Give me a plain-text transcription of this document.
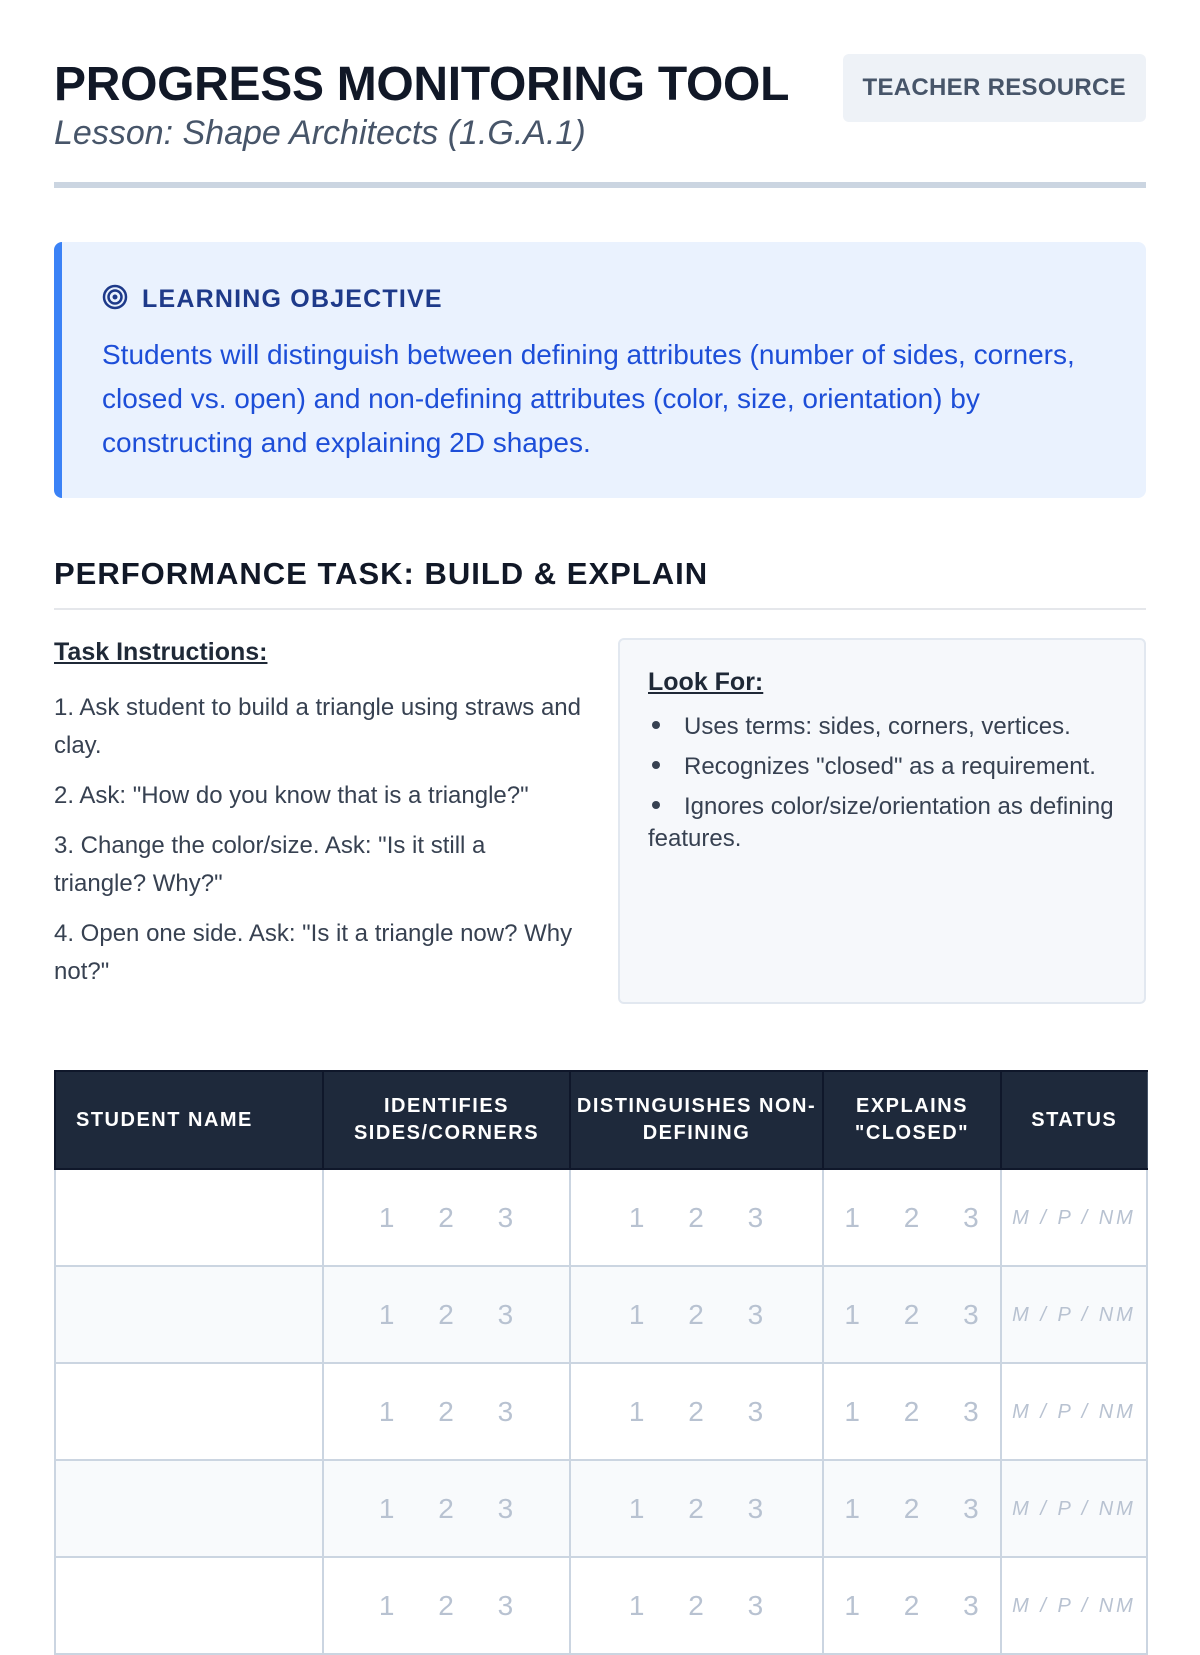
PROGRESS MONITORING TOOL
Lesson: Shape Architects (1.G.A.1)
TEACHER RESOURCE
LEARNING OBJECTIVE
Students will distinguish between defining attributes (number of sides, corners, closed vs. open) and non-defining attributes (color, size, orientation) by constructing and explaining 2D shapes.
PERFORMANCE TASK: BUILD & EXPLAIN
Task Instructions:
1. Ask student to build a triangle using straws and clay.
2. Ask: "How do you know that is a triangle?"
3. Change the color/size. Ask: "Is it still a triangle? Why?"
4. Open one side. Ask: "Is it a triangle now? Why not?"
Look For:
Uses terms: sides, corners, vertices.
Recognizes "closed" as a requirement.
Ignores color/size/orientation as defining features.
STUDENT NAME	IDENTIFIES SIDES/CORNERS	DISTINGUISHES NON-DEFINING	EXPLAINS "CLOSED"	STATUS
	1 2 3	1 2 3	1 2 3	M / P / NM
	1 2 3	1 2 3	1 2 3	M / P / NM
	1 2 3	1 2 3	1 2 3	M / P / NM
	1 2 3	1 2 3	1 2 3	M / P / NM
	1 2 3	1 2 3	1 2 3	M / P / NM
